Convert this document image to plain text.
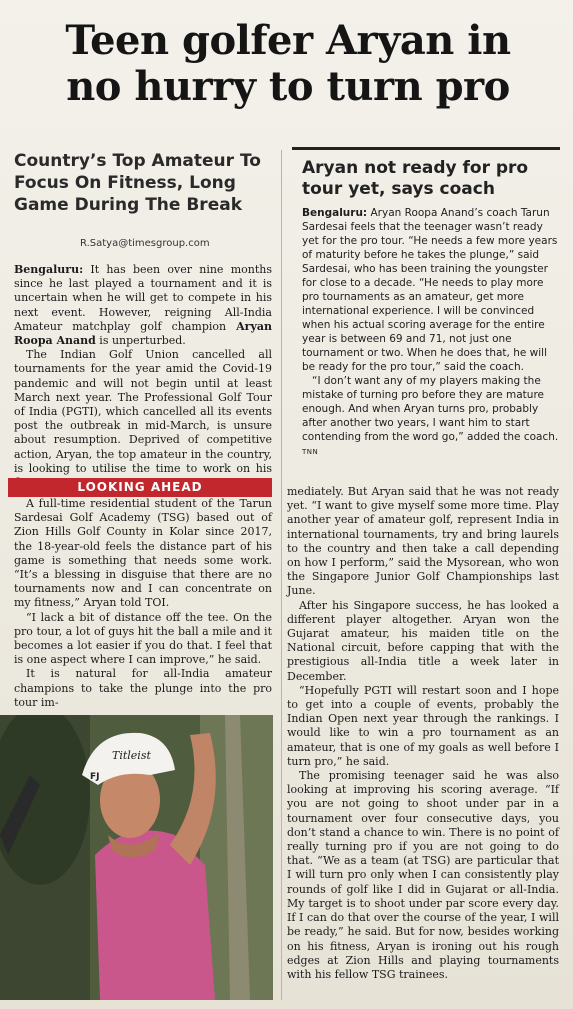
Teen golfer Aryan in
no hurry to turn pro
Country’s Top Amateur To
Focus On Fitness, Long
Game During The Break
R.Satya@timesgroup.com
Aryan not ready for pro tour yet, says coach

Bengaluru: Aryan Roopa Anand’s coach Tarun Sardesai feels that the teenager wasn’t ready yet for the pro tour. “He needs a few more years of maturity before he takes the plunge,” said Sardesai, who has been training the youngster for close to a decade. “He needs to play more pro tournaments as an amateur, get more international experience. I will be convinced when his actual scoring average for the entire year is between 69 and 71, not just one tournament or two. When he does that, he will be ready for the pro tour,” said the coach.

“I don’t want any of my players making the mistake of turning pro before they are mature enough. And when Aryan turns pro, probably after another two years, I want him to start contending from the word go,” added the coach. TNN

Bengaluru: It has been over nine months since he last played a tournament and it is uncertain when he will get to compete in his next event. However, reigning All-India Amateur matchplay golf champion Aryan Roopa Anand is unperturbed.

The Indian Golf Union cancelled all tournaments for the year amid the Covid-19 pandemic and will not begin until at least March next year. The Professional Golf Tour of India (PGTI), which cancelled all its events post the outbreak in mid-March, is unsure about resumption. Deprived of competitive action, Aryan, the top amateur in the country, is looking to utilise the time to work on his

LOOKING AHEAD

A full-time residential student of the Tarun Sardesai Golf Academy (TSG) based out of Zion Hills Golf County in Kolar since 2017, the 18-year-old feels the distance part of his game is something that needs some work. “It’s a blessing in disguise that there are no tournaments now and I can concentrate on my fitness,” Aryan told TOI.

“I lack a bit of distance off the tee. On the pro tour, a lot of guys hit the ball a mile and it becomes a lot easier if you do that. I feel that is one aspect where I can improve,” he said.

It is natural for all-India amateur champions to take the plunge into the pro tour im-

mediately. But Aryan said that he was not ready yet. “I want to give myself some more time. Play another year of amateur golf, represent India in international tournaments, try and bring laurels to the country and then take a call depending on how I perform,” said the Mysorean, who won the Singapore Junior Golf Championships last June.

After his Singapore success, he has looked a different player altogether. Aryan won the Gujarat amateur, his maiden title on the National circuit, before capping that with the prestigious all-India title a week later in December.

“Hopefully PGTI will restart soon and I hope to get into a couple of events, probably the Indian Open next year through the rankings. I would like to win a pro tournament as an amateur, that is one of my goals as well before I turn pro,” he said.

The promising teenager said he was also looking at improving his scoring average. “If you are not going to shoot under par in a tournament over four consecutive days, you don’t stand a chance to win. There is no point of really turning pro if you are not going to do that. “We as a team (at TSG) are particular that I will turn pro only when I can consistently play rounds of golf like I did in Gujarat or all-India. My target is to shoot under par score every day. If I can do that over the course of the year, I will be ready,” he said. But for now, besides working on his fitness, Aryan is ironing out his rough edges at Zion Hills and playing tournaments with his fellow TSG trainees.

Titleist
FJ
